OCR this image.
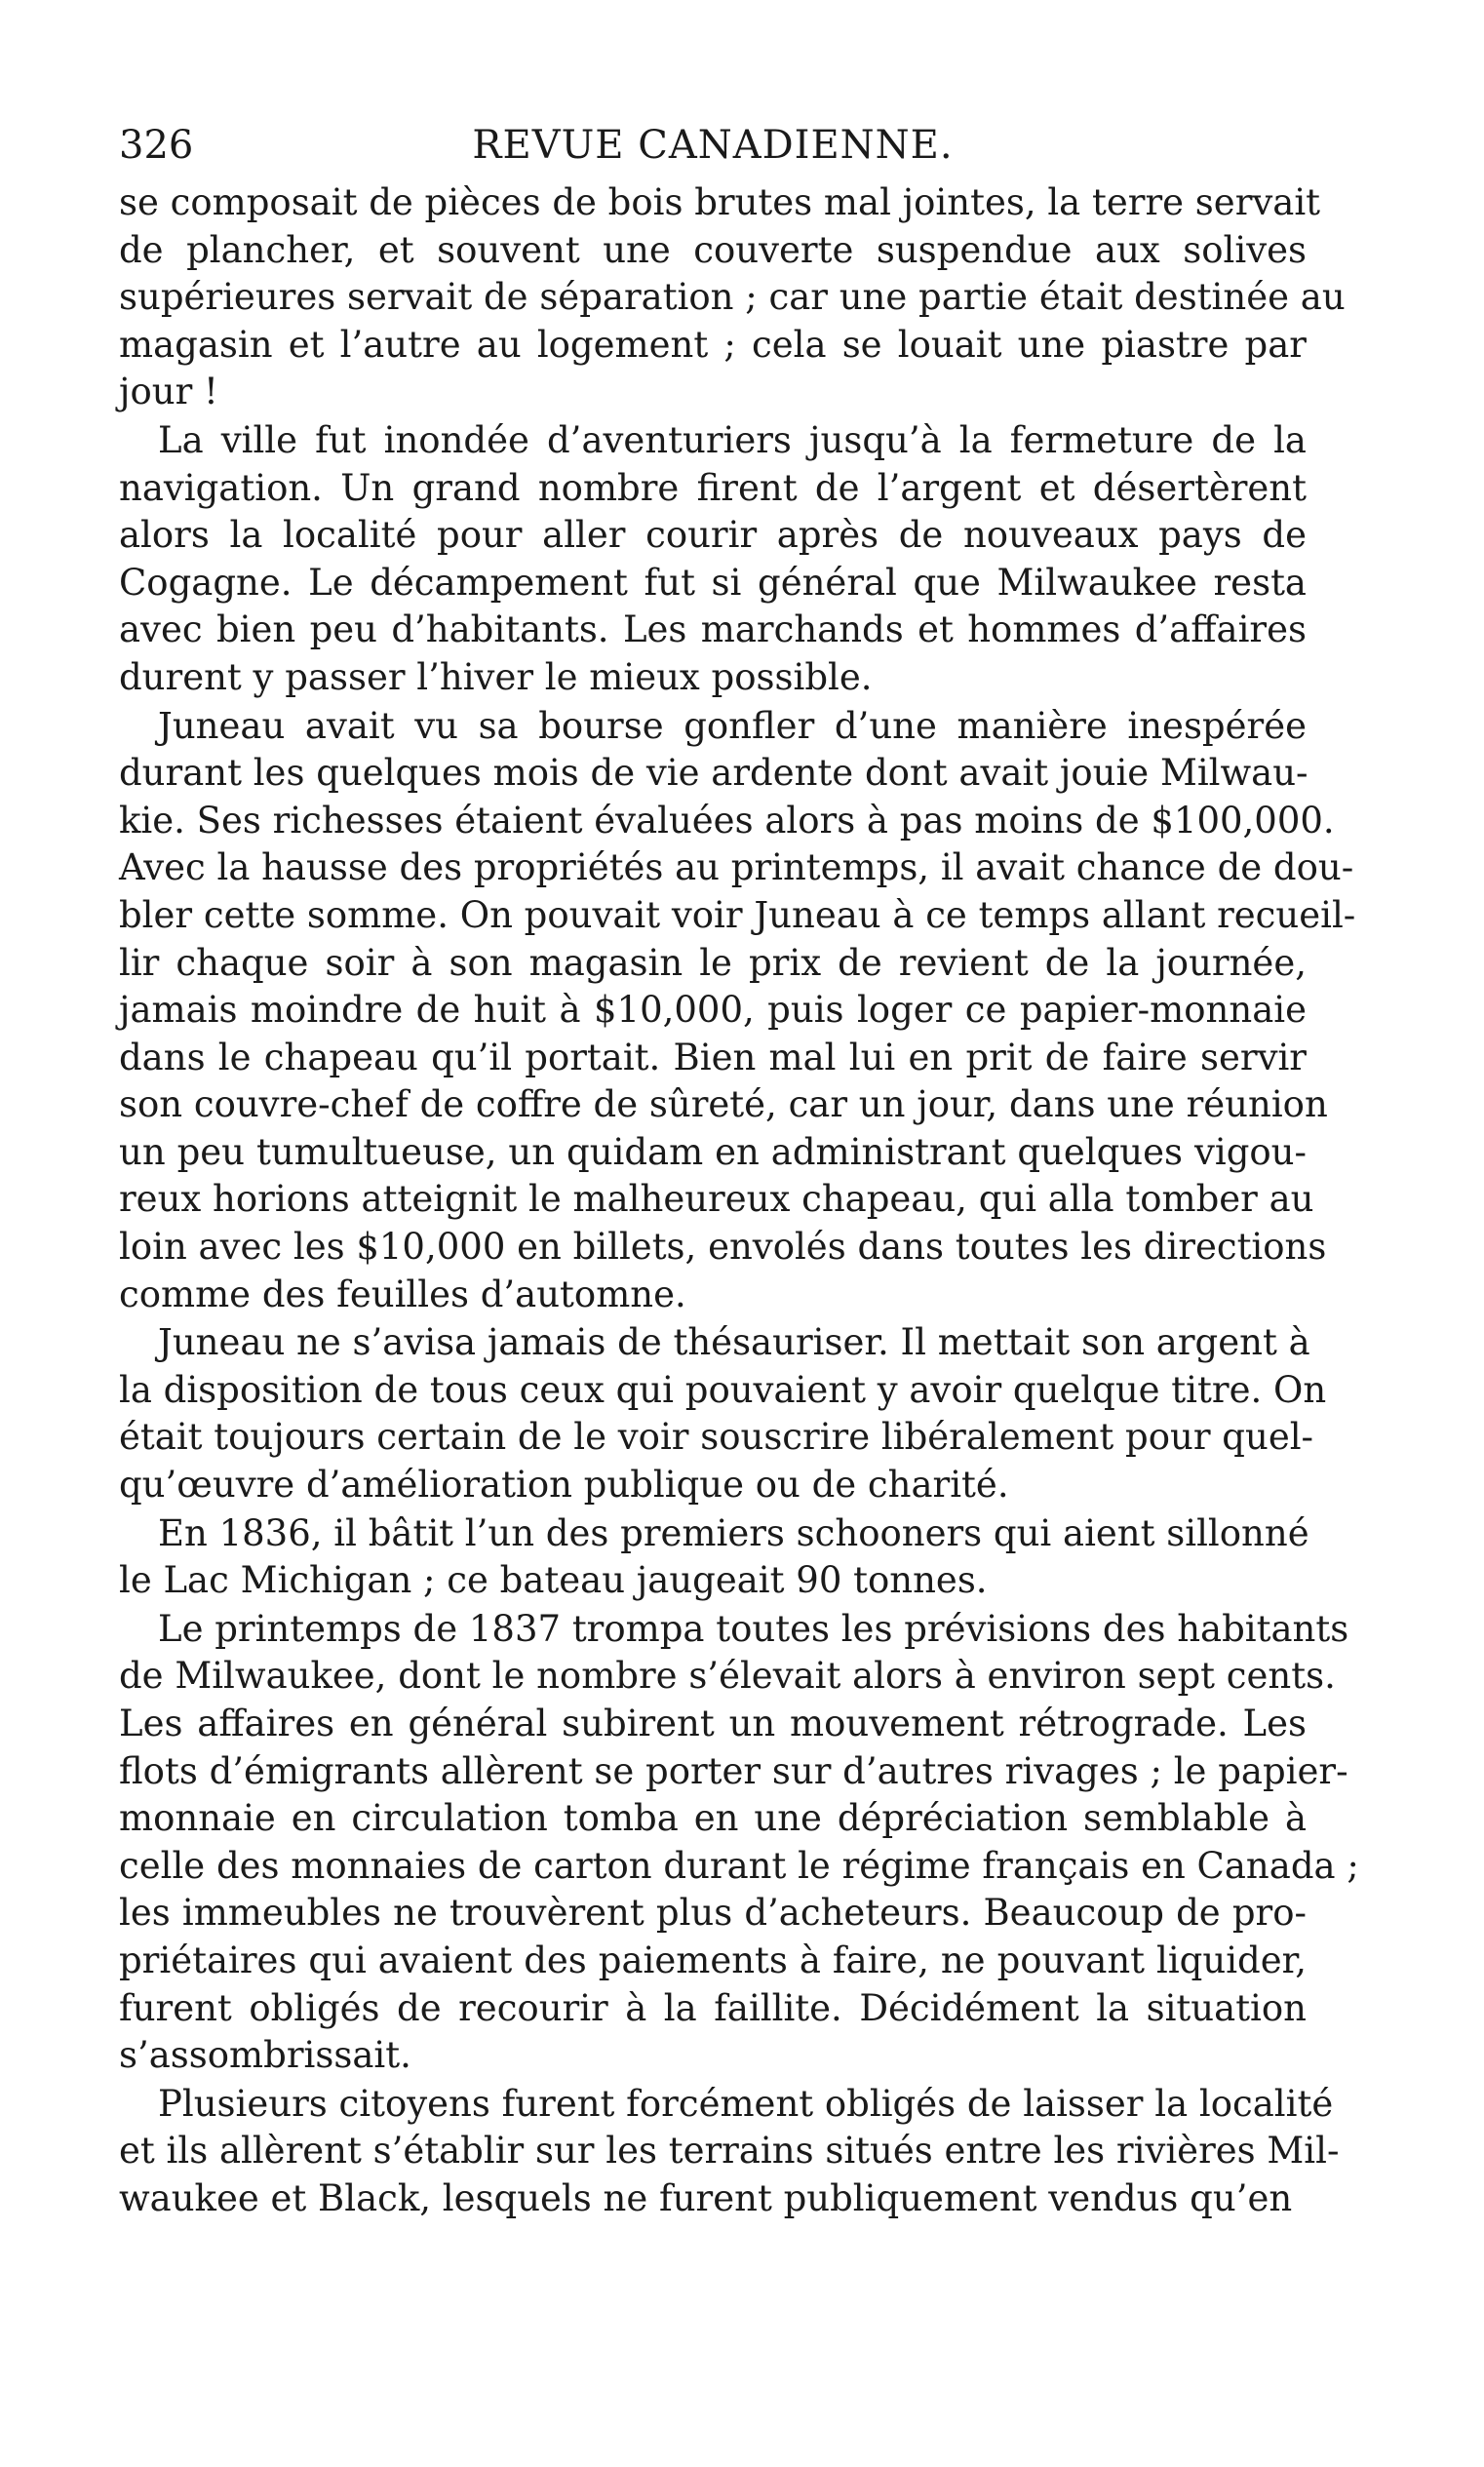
326	REVUE CANADIENNE.
se composait de pièces de bois brutes mal jointes, la terre servait
de plancher, et souvent une couverte suspendue aux solives
supérieures servait de séparation ; car une partie était destinée au
magasin et l’autre au logement ; cela se louait une piastre par
jour !
La ville fut inondée d’aventuriers jusqu’à la fermeture de la
navigation. Un grand nombre firent de l’argent et désertèrent
alors la localité pour aller courir après de nouveaux pays de
Cogagne. Le décampement fut si général que Milwaukee resta
avec bien peu d’habitants. Les marchands et hommes d’affaires
durent y passer l’hiver le mieux possible.
Juneau avait vu sa bourse gonfler d’une manière inespérée
durant les quelques mois de vie ardente dont avait jouie Milwau-
kie. Ses richesses étaient évaluées alors à pas moins de $100,000.
Avec la hausse des propriétés au printemps, il avait chance de dou-
bler cette somme. On pouvait voir Juneau à ce temps allant recueil-
lir chaque soir à son magasin le prix de revient de la journée,
jamais moindre de huit à $10,000, puis loger ce papier-monnaie
dans le chapeau qu’il portait. Bien mal lui en prit de faire servir
son couvre-chef de coffre de sûreté, car un jour, dans une réunion
un peu tumultueuse, un quidam en administrant quelques vigou-
reux horions atteignit le malheureux chapeau, qui alla tomber au
loin avec les $10,000 en billets, envolés dans toutes les directions
comme des feuilles d’automne.
Juneau ne s’avisa jamais de thésauriser. Il mettait son argent à
la disposition de tous ceux qui pouvaient y avoir quelque titre. On
était toujours certain de le voir souscrire libéralement pour quel-
qu’œuvre d’amélioration publique ou de charité.
En 1836, il bâtit l’un des premiers schooners qui aient sillonné
le Lac Michigan ; ce bateau jaugeait 90 tonnes.
Le printemps de 1837 trompa toutes les prévisions des habitants
de Milwaukee, dont le nombre s’élevait alors à environ sept cents.
Les affaires en général subirent un mouvement rétrograde. Les
flots d’émigrants allèrent se porter sur d’autres rivages ; le papier-
monnaie en circulation tomba en une dépréciation semblable à
celle des monnaies de carton durant le régime français en Canada ;
les immeubles ne trouvèrent plus d’acheteurs. Beaucoup de pro-
priétaires qui avaient des paiements à faire, ne pouvant liquider,
furent obligés de recourir à la faillite. Décidément la situation
s’assombrissait.
Plusieurs citoyens furent forcément obligés de laisser la localité
et ils allèrent s’établir sur les terrains situés entre les rivières Mil-
waukee et Black, lesquels ne furent publiquement vendus qu’en
